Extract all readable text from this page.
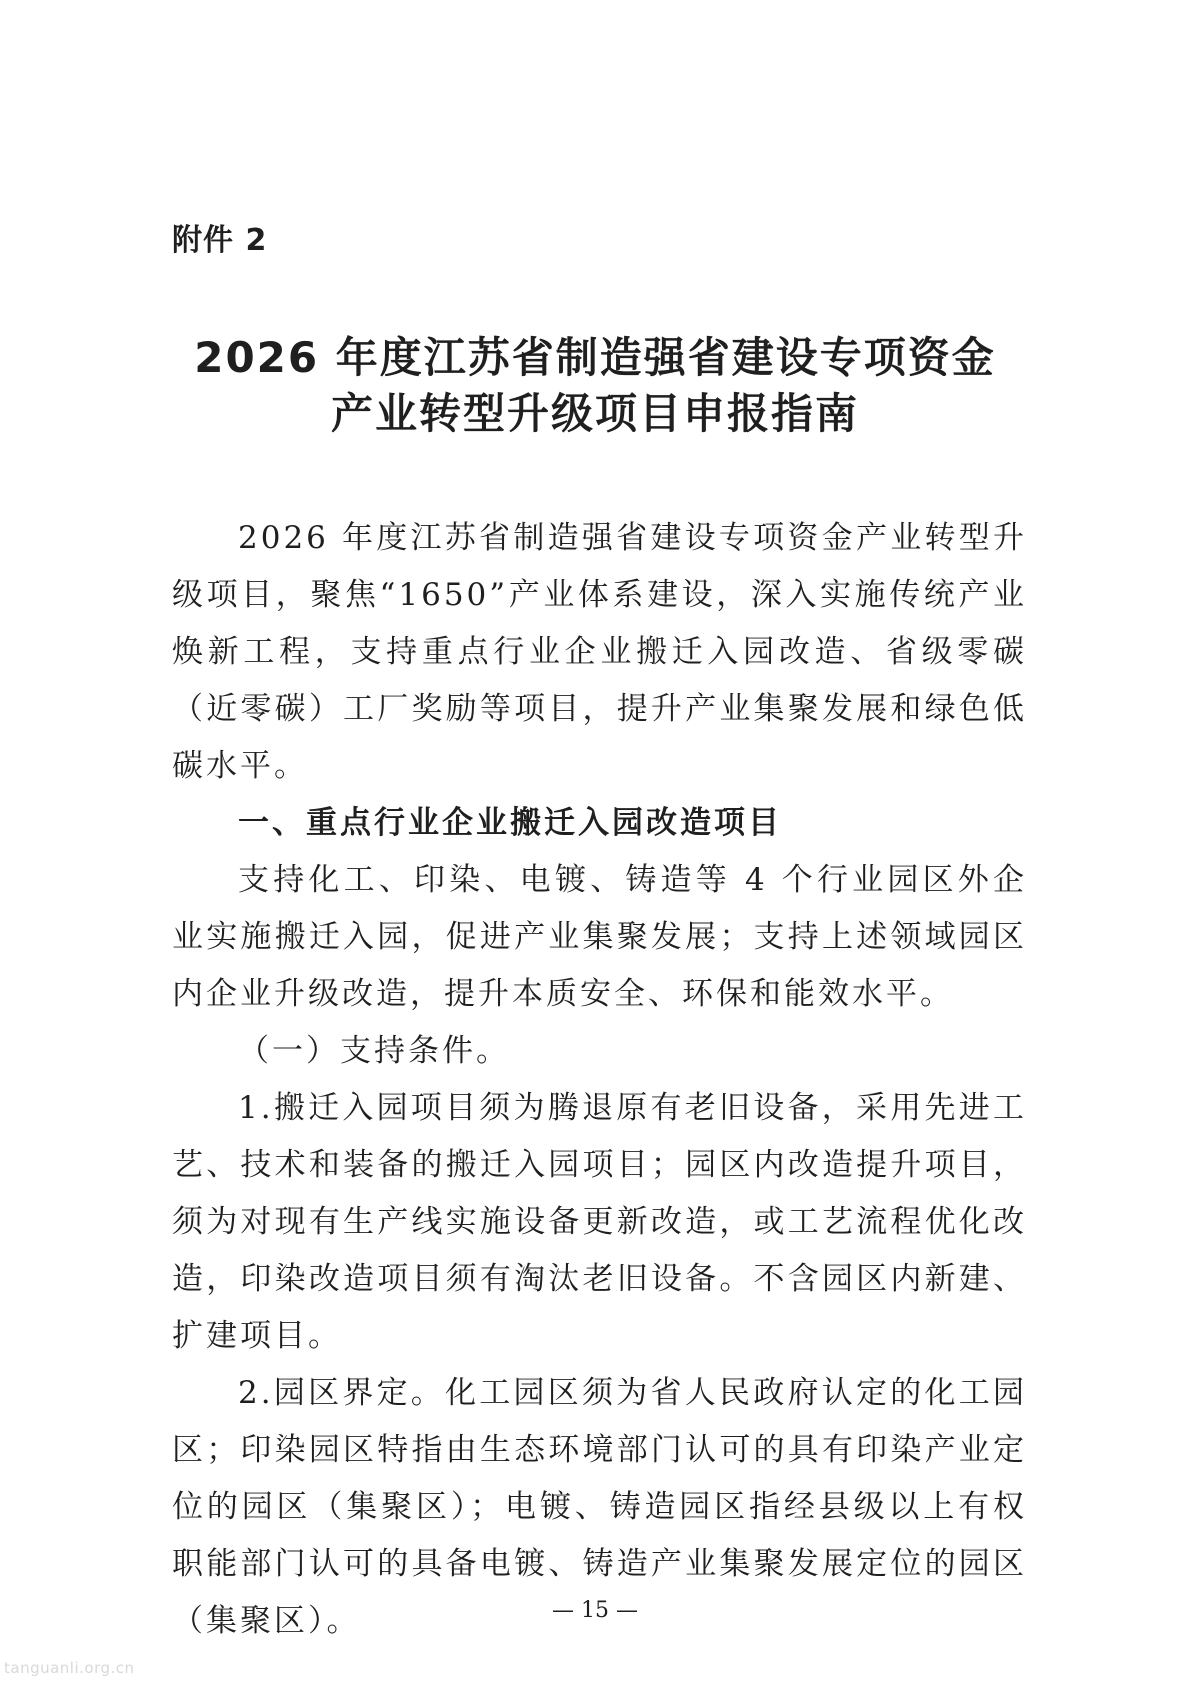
附件 2
2026 年度江苏省制造强省建设专项资金
产业转型升级项目申报指南

2026 年度江苏省制造强省建设专项资金产业转型升级项目，聚焦“1650”产业体系建设，深入实施传统产业焕新工程，支持重点行业企业搬迁入园改造、省级零碳（近零碳）工厂奖励等项目，提升产业集聚发展和绿色低碳水平。

一、重点行业企业搬迁入园改造项目

支持化工、印染、电镀、铸造等 4 个行业园区外企业实施搬迁入园，促进产业集聚发展；支持上述领域园区内企业升级改造，提升本质安全、环保和能效水平。

（一）支持条件。

1.搬迁入园项目须为腾退原有老旧设备，采用先进工艺、技术和装备的搬迁入园项目；园区内改造提升项目，须为对现有生产线实施设备更新改造，或工艺流程优化改造，印染改造项目须有淘汰老旧设备。不含园区内新建、扩建项目。

2.园区界定。化工园区须为省人民政府认定的化工园区；印染园区特指由生态环境部门认可的具有印染产业定位的园区（集聚区）；电镀、铸造园区指经县级以上有权职能部门认可的具备电镀、铸造产业集聚发展定位的园区（集聚区）。	— 15 —
tanguanli.org.cn
